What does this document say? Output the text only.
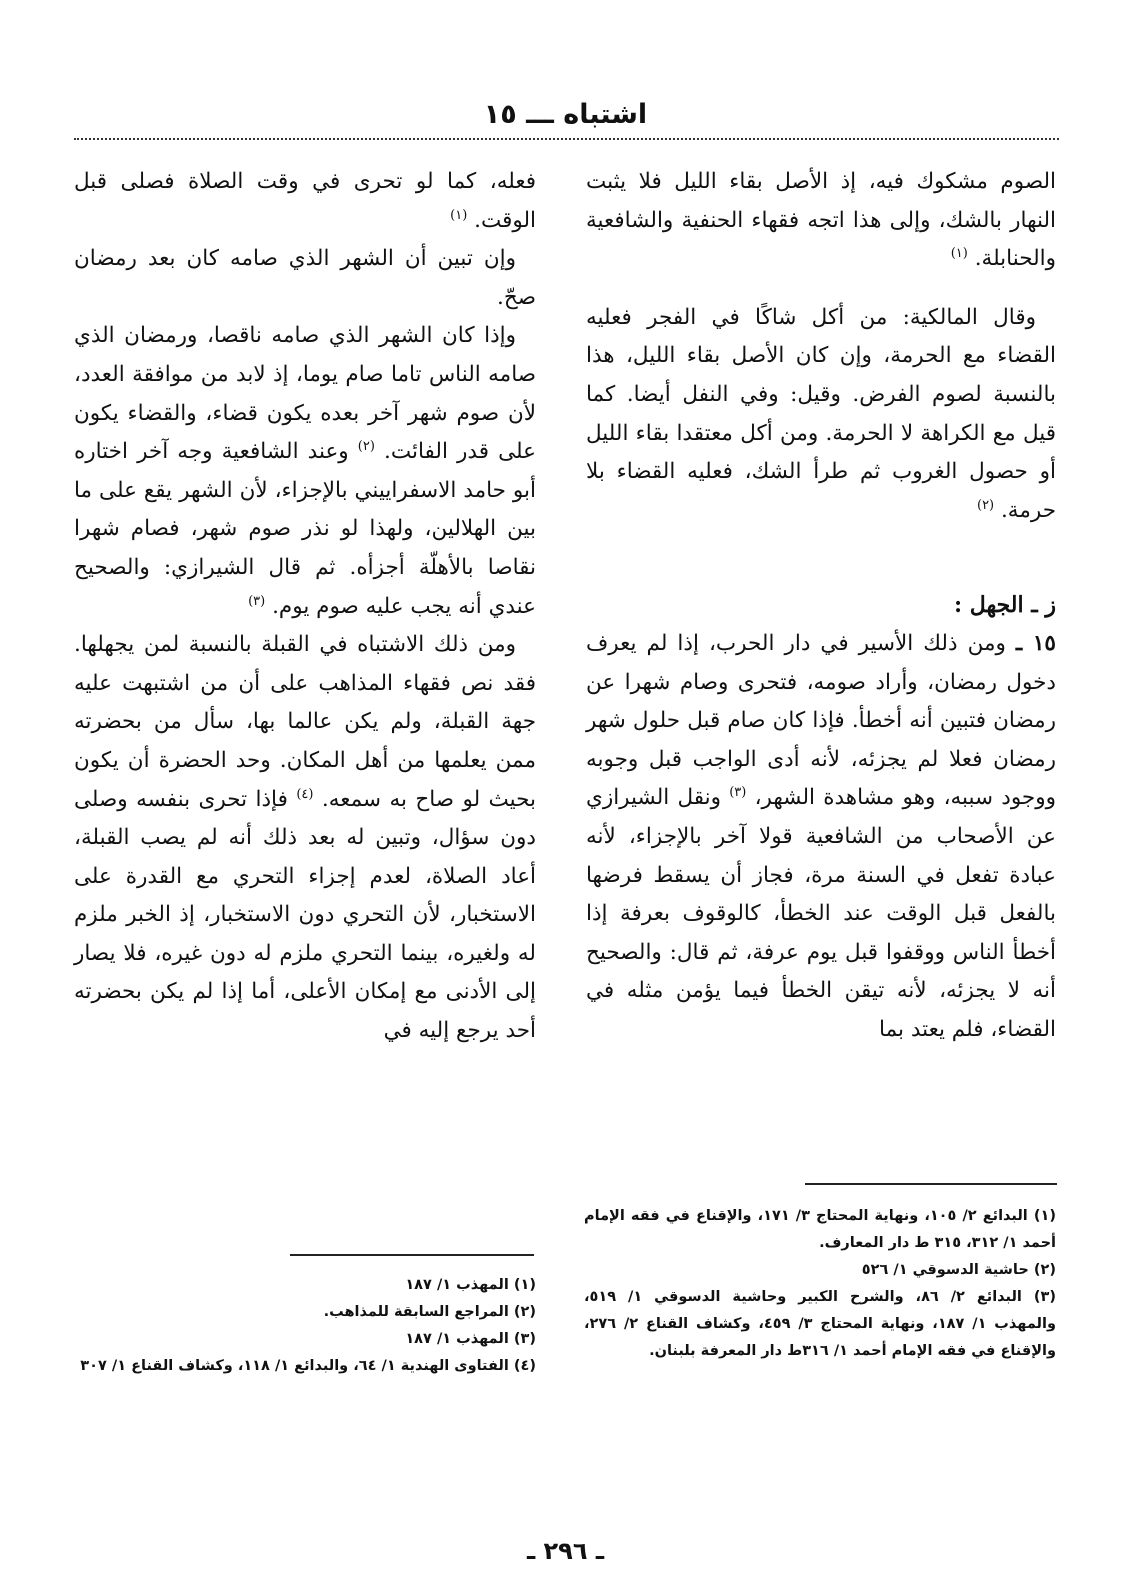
اشتباه ـــ ١٥

الصوم مشكوك فيه، إذ الأصل بقاء الليل فلا يثبت النهار بالشك، وإلى هذا اتجه فقهاء الحنفية والشافعية والحنابلة. $^{(١)}$

وقال المالكية: من أكل شاكًا في الفجر فعليه القضاء مع الحرمة، وإن كان الأصل بقاء الليل، هذا بالنسبة لصوم الفرض. وقيل: وفي النفل أيضا. كما قيل مع الكراهة لا الحرمة. ومن أكل معتقدا بقاء الليل أو حصول الغروب ثم طرأ الشك، فعليه القضاء بلا حرمة. $^{(٢)}$

ز ـ الجهل :

١٥ ـ ومن ذلك الأسير في دار الحرب، إذا لم يعرف دخول رمضان، وأراد صومه، فتحرى وصام شهرا عن رمضان فتبين أنه أخطأ. فإذا كان صام قبل حلول شهر رمضان فعلا لم يجزئه، لأنه أدى الواجب قبل وجوبه ووجود سببه، وهو مشاهدة الشهر، $^{(٣)}$ ونقل الشيرازي عن الأصحاب من الشافعية قولا آخر بالإجزاء، لأنه عبادة تفعل في السنة مرة، فجاز أن يسقط فرضها بالفعل قبل الوقت عند الخطأ، كالوقوف بعرفة إذا أخطأ الناس ووقفوا قبل يوم عرفة، ثم قال: والصحيح أنه لا يجزئه، لأنه تيقن الخطأ فيما يؤمن مثله في القضاء، فلم يعتد بما

فعله، كما لو تحرى في وقت الصلاة فصلى قبل الوقت. $^{(١)}$

وإن تبين أن الشهر الذي صامه كان بعد رمضان صحّ.

وإذا كان الشهر الذي صامه ناقصا، ورمضان الذي صامه الناس تاما صام يوما، إذ لابد من موافقة العدد، لأن صوم شهر آخر بعده يكون قضاء، والقضاء يكون على قدر الفائت. $^{(٢)}$ وعند الشافعية وجه آخر اختاره أبو حامد الاسفراييني بالإجزاء، لأن الشهر يقع على ما بين الهلالين، ولهذا لو نذر صوم شهر، فصام شهرا نقاصا بالأهلّة أجزأه. ثم قال الشيرازي: والصحيح عندي أنه يجب عليه صوم يوم. $^{(٣)}$

ومن ذلك الاشتباه في القبلة بالنسبة لمن يجهلها. فقد نص فقهاء المذاهب على أن من اشتبهت عليه جهة القبلة، ولم يكن عالما بها، سأل من بحضرته ممن يعلمها من أهل المكان. وحد الحضرة أن يكون بحيث لو صاح به سمعه. $^{(٤)}$ فإذا تحرى بنفسه وصلى دون سؤال، وتبين له بعد ذلك أنه لم يصب القبلة، أعاد الصلاة، لعدم إجزاء التحري مع القدرة على الاستخبار، لأن التحري دون الاستخبار، إذ الخبر ملزم له ولغيره، بينما التحري ملزم له دون غيره، فلا يصار إلى الأدنى مع إمكان الأعلى، أما إذا لم يكن بحضرته أحد يرجع إليه في

(١) البدائع ٢/ ١٠٥، ونهاية المحتاج ٣/ ١٧١، والإقناع في فقه الإمام أحمد ١/ ٣١٢، ٣١٥ ط دار المعارف.

(٢) حاشية الدسوقي ١/ ٥٢٦

(٣) البدائع ٢/ ٨٦، والشرح الكبير وحاشية الدسوقي ١/ ٥١٩، والمهذب ١/ ١٨٧، ونهاية المحتاج ٣/ ٤٥٩، وكشاف القناع ٢/ ٢٧٦، والإقناع في فقه الإمام أحمد ١/ ٣١٦ط دار المعرفة بلبنان.

(١) المهذب ١/ ١٨٧

(٢) المراجع السابقة للمذاهب.

(٣) المهذب ١/ ١٨٧

(٤) الفتاوى الهندية ١/ ٦٤، والبدائع ١/ ١١٨، وكشاف القناع ١/ ٣٠٧

ـ ٢٩٦ ـ
